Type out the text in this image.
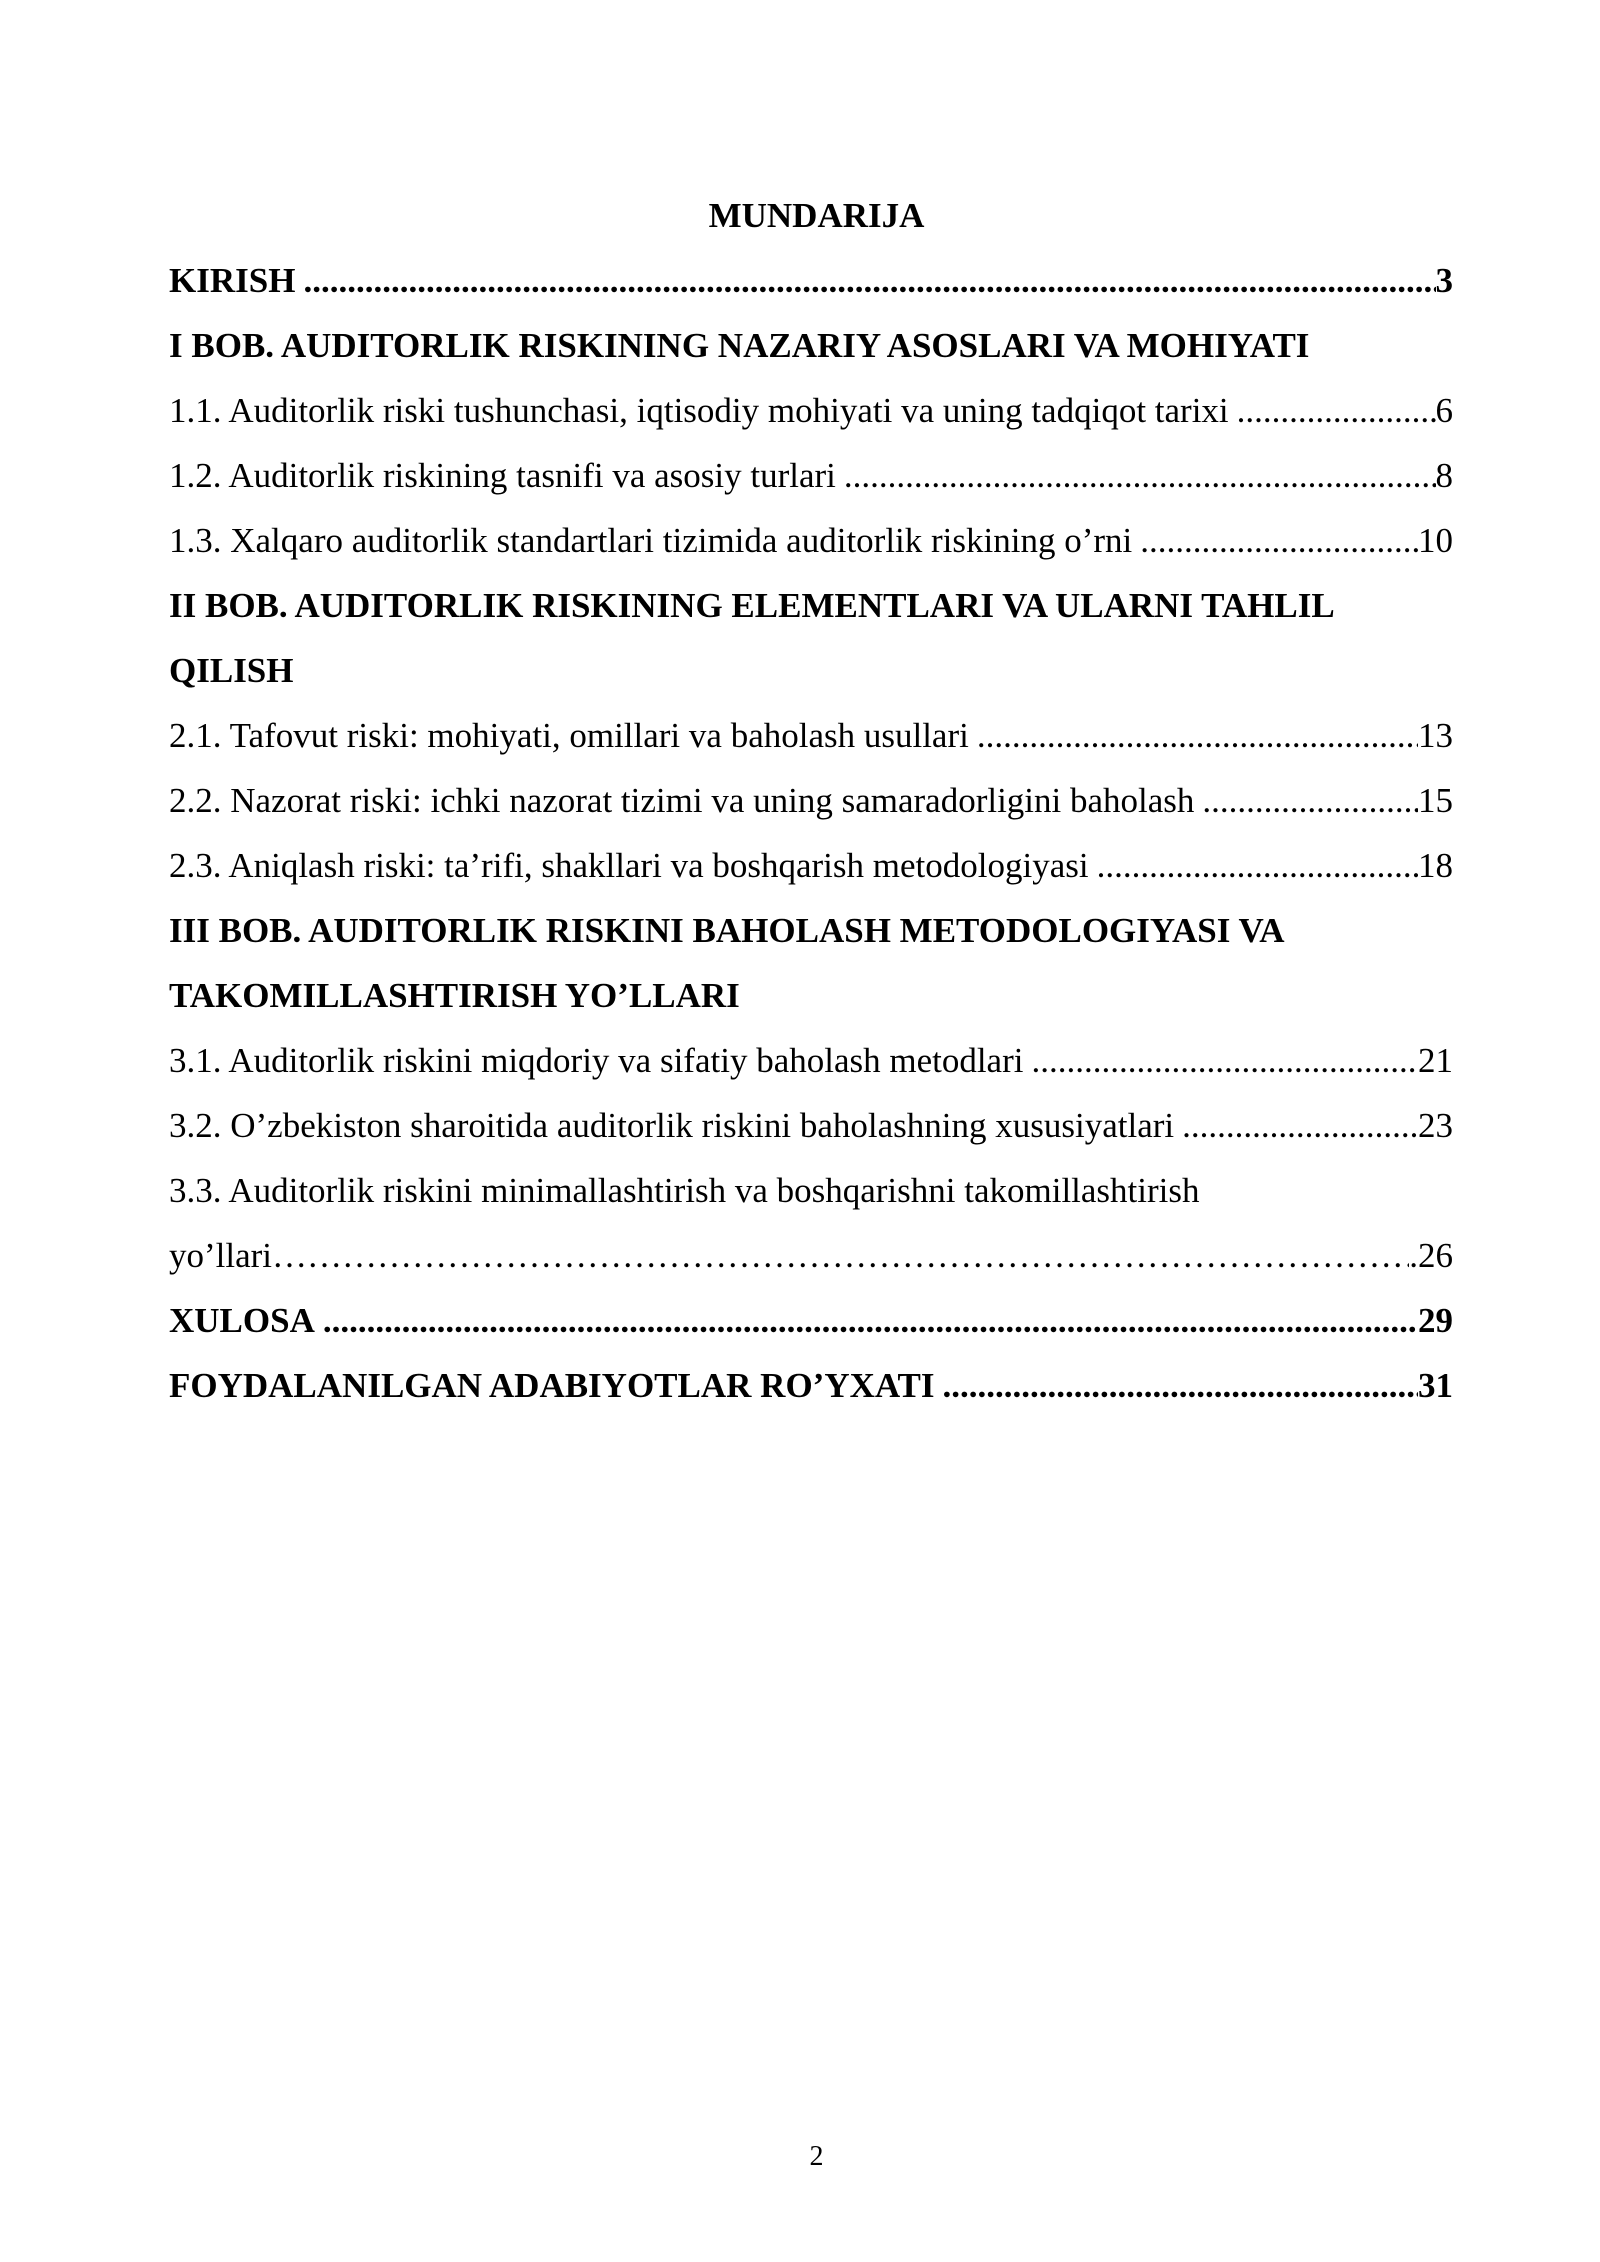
MUNDARIJA
KIRISH .....	3
I BOB. AUDITORLIK RISKINING NAZARIY ASOSLARI VA MOHIYATI
1.1. Auditorlik riski tushunchasi, iqtisodiy mohiyati va uning tadqiqot tarixi .....	6
1.2. Auditorlik riskining tasnifi va asosiy turlari .....	8
1.3. Xalqaro auditorlik standartlari tizimida auditorlik riskining o’rni .....	10
II BOB. AUDITORLIK RISKINING ELEMENTLARI VA ULARNI TAHLIL
QILISH
2.1. Tafovut riski: mohiyati, omillari va baholash usullari .....	13
2.2. Nazorat riski: ichki nazorat tizimi va uning samaradorligini baholash .....	15
2.3. Aniqlash riski: ta’rifi, shakllari va boshqarish metodologiyasi .....	18
III BOB. AUDITORLIK RISKINI BAHOLASH METODOLOGIYASI VA
TAKOMILLASHTIRISH YO’LLARI
3.1. Auditorlik riskini miqdoriy va sifatiy baholash metodlari .....	21
3.2. O’zbekiston sharoitida auditorlik riskini baholashning xususiyatlari .....	23
3.3. Auditorlik riskini minimallashtirish va boshqarishni takomillashtirish
yo’llari ……………………………………………………………………………………………………………………………………………………………………………………………………………………	.26
XULOSA .....	29
FOYDALANILGAN ADABIYOTLAR RO’YXATI .....	31
2
